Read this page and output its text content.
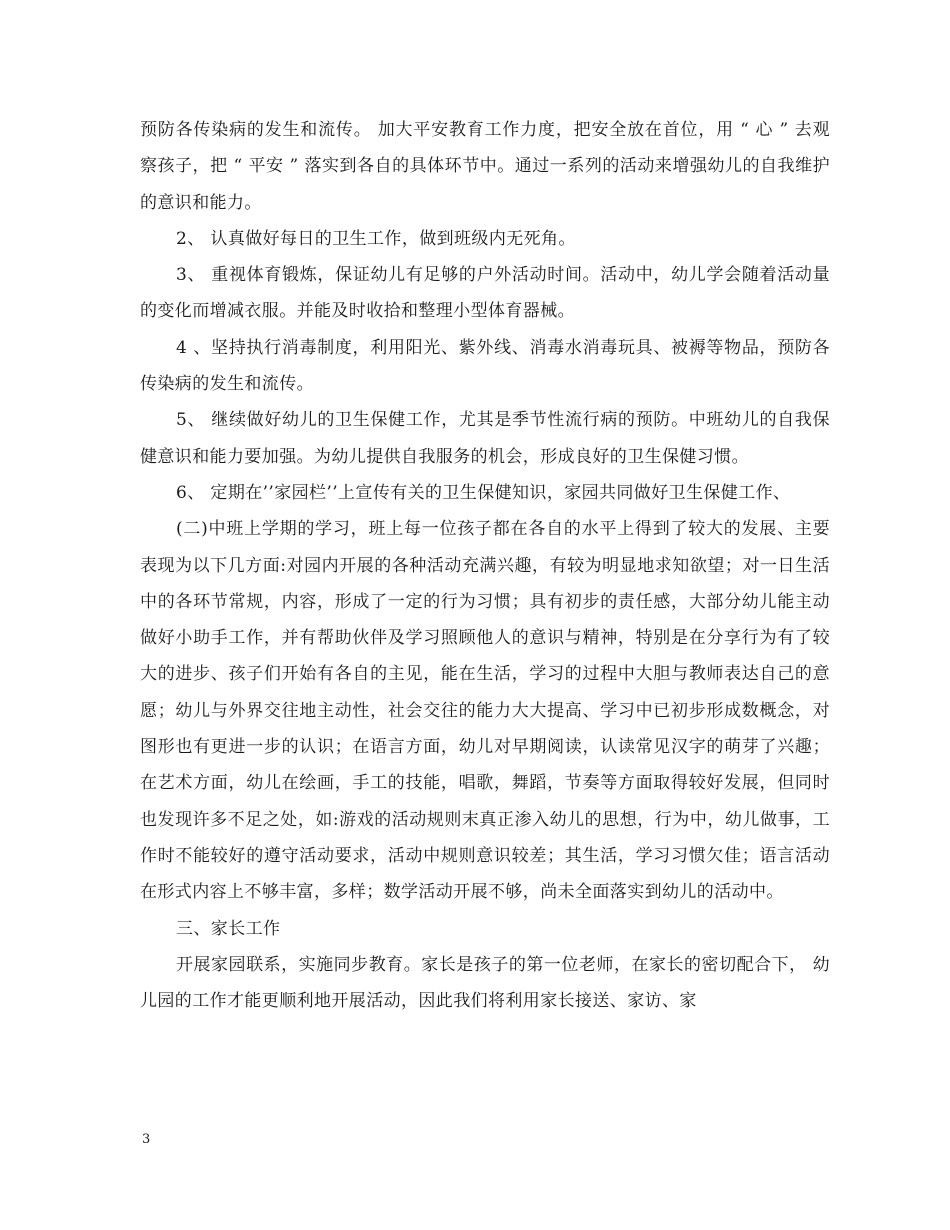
预防各传染病的发生和流传。 加大平安教育工作力度，把安全放在首位，用 “ 心 ” 去观察孩子，把 “ 平安 ” 落实到各自的具体环节中。通过一系列的活动来增强幼儿的自我维护的意识和能力。

2、 认真做好每日的卫生工作，做到班级内无死角。

3、 重视体育锻炼，保证幼儿有足够的户外活动时间。活动中，幼儿学会随着活动量的变化而增减衣服。并能及时收拾和整理小型体育器械。

4 、坚持执行消毒制度，利用阳光、紫外线、消毒水消毒玩具、被褥等物品，预防各传染病的发生和流传。

5、 继续做好幼儿的卫生保健工作，尤其是季节性流行病的预防。中班幼儿的自我保健意识和能力要加强。为幼儿提供自我服务的机会，形成良好的卫生保健习惯。

6、 定期在’’家园栏’’上宣传有关的卫生保健知识，家园共同做好卫生保健工作、

(二)中班上学期的学习，班上每一位孩子都在各自的水平上得到了较大的发展、主要表现为以下几方面:对园内开展的各种活动充满兴趣，有较为明显地求知欲望；对一日生活中的各环节常规，内容，形成了一定的行为习惯；具有初步的责任感，大部分幼儿能主动做好小助手工作，并有帮助伙伴及学习照顾他人的意识与精神，特别是在分享行为有了较大的进步、孩子们开始有各自的主见，能在生活，学习的过程中大胆与教师表达自己的意愿；幼儿与外界交往地主动性，社会交往的能力大大提高、学习中已初步形成数概念，对图形也有更进一步的认识；在语言方面，幼儿对早期阅读，认读常见汉字的萌芽了兴趣；在艺术方面，幼儿在绘画，手工的技能，唱歌，舞蹈，节奏等方面取得较好发展，但同时也发现许多不足之处，如:游戏的活动规则末真正渗入幼儿的思想，行为中，幼儿做事，工作时不能较好的遵守活动要求，活动中规则意识较差；其生活，学习习惯欠佳；语言活动在形式内容上不够丰富，多样；数学活动开展不够，尚未全面落实到幼儿的活动中。

三、家长工作

开展家园联系，实施同步教育。家长是孩子的第一位老师，在家长的密切配合下， 幼儿园的工作才能更顺利地开展活动，因此我们将利用家长接送、家访、家

3
